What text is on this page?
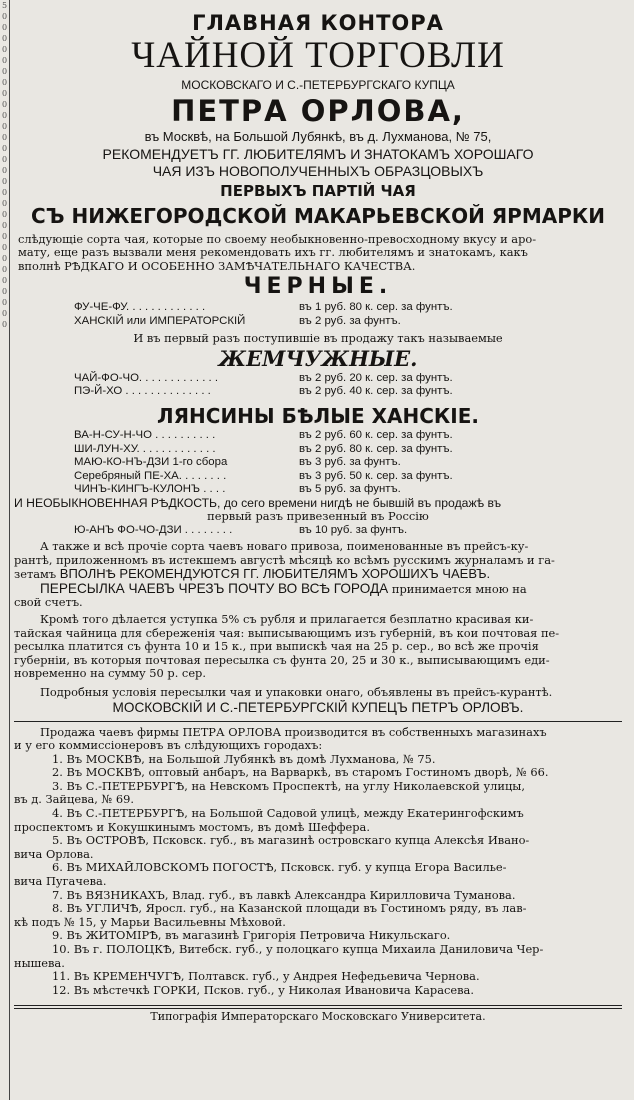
5 0 0 0 0 0 0 0 0 0 0 0 0 0 0 0 0 0 0 0 0 0 0 0 0 0 0 0 0 0
ГЛАВНАЯ КОНТОРА
ЧАЙНОЙ ТОРГОВЛИ
МОСКОВСКАГО И С.-ПЕТЕРБУРГСКАГО КУПЦА
ПЕТРА ОРЛОВА,
въ Москвѣ, на Большой Лубянкѣ, въ д. Лухманова, № 75,
РЕКОМЕНДУЕТЪ ГГ. ЛЮБИТЕЛЯМЪ И ЗНАТОКАМЪ ХОРОШАГО
ЧАЯ ИЗЪ НОВОПОЛУЧЕННЫХЪ ОБРАЗЦОВЫХЪ
ПЕРВЫХЪ ПАРТІЙ ЧАЯ
СЪ НИЖЕГОРОДСКОЙ МАКАРЬЕВСКОЙ ЯРМАРКИ
слѣдующіе сорта чая, которые по своему необыкновенно-превосходному вкусу и аро-
мату, еще разъ вызвали меня рекомендовать ихъ гг. любителямъ и знатокамъ, какъ
вполнѣ РѢДКАГО И ОСОБЕННО ЗАМѢЧАТЕЛЬНАГО КАЧЕСТВА.
ЧЕРНЫЕ.
ФУ-ЧЕ-ФУ. . . . . . . . . . . . .	въ 1 руб. 80 к. сер. за фунтъ.
ХАНСКІЙ или ИМПЕРАТОРСКІЙ	въ 2 руб. за фунтъ.
И въ первый разъ поступившіе въ продажу такъ называемые
ЖЕМЧУЖНЫЕ.
ЧАЙ-ФО-ЧО. . . . . . . . . . . . .	въ 2 руб. 20 к. сер. за фунтъ.
ПЭ-Й-ХО . . . . . . . . . . . . . .	въ 2 руб. 40 к. сер. за фунтъ.
ЛЯНСИНЫ БѢЛЫЕ ХАНСКІЕ.
ВА-Н-СУ-Н-ЧО . . . . . . . . . .	въ 2 руб. 60 к. сер. за фунтъ.
ШИ-ЛУН-ХУ. . . . . . . . . . . . .	въ 2 руб. 80 к. сер. за фунтъ.
МАЮ-КО-НЪ-ДЗИ 1-го сбора	въ 3 руб. за фунтъ.
Серебряный ПЕ-ХА. . . . . . . .	въ 3 руб. 50 к. сер. за фунтъ.
ЧИНЪ-КИНГЪ-КУЛОНЪ . . . .	въ 5 руб. за фунтъ.
И НЕОБЫКНОВЕННАЯ РѢДКОСТЬ, до сего времени нигдѣ не бывшій въ продажѣ въ
первый разъ привезенный въ Россію
Ю-АНЪ ФО-ЧО-ДЗИ . . . . . . . .	въ 10 руб. за фунтъ.
А также и всѣ прочіе сорта чаевъ новаго привоза, поименованные въ прейсъ-ку-
рантѣ, приложенномъ въ истекшемъ августѣ мѣсяцѣ ко всѣмъ русскимъ журналамъ и га-
зетамъ ВПОЛНѢ РЕКОМЕНДУЮТСЯ ГГ. ЛЮБИТЕЛЯМЪ ХОРОШИХЪ ЧАЕВЪ.
ПЕРЕСЫЛКА ЧАЕВЪ ЧРЕЗЪ ПОЧТУ ВО ВСѢ ГОРОДА принимается мною на
свой счетъ.
Кромѣ того дѣлается уступка 5% съ рубля и прилагается безплатно красивая ки-
тайская чайница для сбереженія чая: выписывающимъ изъ губерній, въ кои почтовая пе-
ресылка платится съ фунта 10 и 15 к., при выпискѣ чая на 25 р. сер., во всѣ же прочія
губерніи, въ которыя почтовая пересылка съ фунта 20, 25 и 30 к., выписывающимъ еди-
новременно на сумму 50 р. сер.
Подробныя условія пересылки чая и упаковки онаго, объявлены въ прейсъ-курантѣ.
МОСКОВСКІЙ И С.-ПЕТЕРБУРГСКІЙ КУПЕЦЪ ПЕТРЪ ОРЛОВЪ.
Продажа чаевъ фирмы ПЕТРА ОРЛОВА производится въ собственныхъ магазинахъ
и у его коммиссіонеровъ въ слѣдующихъ городахъ:
1. Въ МОСКВѢ, на Большой Лубянкѣ въ домѣ Лухманова, № 75.
2. Въ МОСКВѢ, оптовый анбаръ, на Варваркѣ, въ старомъ Гостиномъ дворѣ, № 66.
3. Въ С.-ПЕТЕРБУРГѢ, на Невскомъ Проспектѣ, на углу Николаевской улицы,
въ д. Зайцева, № 69.
4. Въ С.-ПЕТЕРБУРГѢ, на Большой Садовой улицѣ, между Екатерингофскимъ
проспектомъ и Кокушкинымъ мостомъ, въ домѣ Шеффера.
5. Въ ОСТРОВѢ, Псковск. губ., въ магазинѣ островскаго купца Алексѣя Ивано-
вича Орлова.
6. Въ МИХАЙЛОВСКОМЪ ПОГОСТѢ, Псковск. губ. у купца Егора Василье-
вича Пугачева.
7. Въ ВЯЗНИКАХЪ, Влад. губ., въ лавкѣ Александра Кирилловича Туманова.
8. Въ УГЛИЧѢ, Яросл. губ., на Казанской площади въ Гостиномъ ряду, въ лав-
кѣ подъ № 15, у Марьи Васильевны Мѣховой.
9. Въ ЖИТОМІРѢ, въ магазинѣ Григорія Петровича Никульскаго.
10. Въ г. ПОЛОЦКѢ, Витебск. губ., у полоцкаго купца Михаила Даниловича Чер-
нышева.
11. Въ КРЕМЕНЧУГѢ, Полтавск. губ., у Андрея Нефедьевича Чернова.
12. Въ мѣстечкѣ ГОРКИ, Псков. губ., у Николая Ивановича Карасева.
Типографія Императорскаго Московскаго Университета.
